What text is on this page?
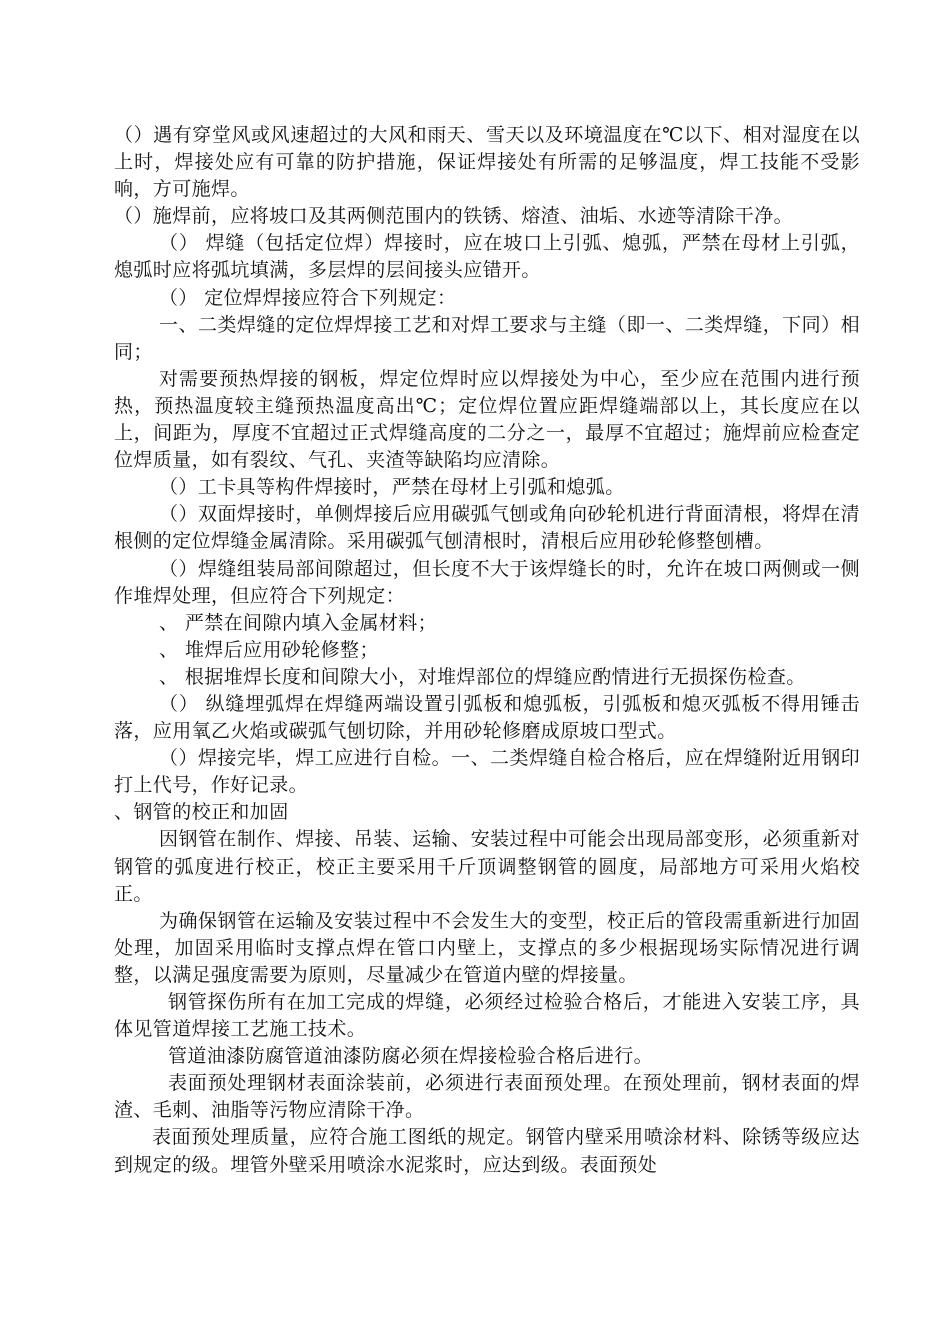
（）遇有穿堂风或风速超过的大风和雨天、雪天以及环境温度在℃以下、相对湿度在以上时，焊接处应有可靠的防护措施，保证焊接处有所需的足够温度，焊工技能不受影响，方可施焊。

（）施焊前，应将坡口及其两侧范围内的铁锈、熔渣、油垢、水迹等清除干净。

（） 焊缝（包括定位焊）焊接时，应在坡口上引弧、熄弧，严禁在母材上引弧，熄弧时应将弧坑填满，多层焊的层间接头应错开。

（） 定位焊焊接应符合下列规定：

一、二类焊缝的定位焊焊接工艺和对焊工要求与主缝（即一、二类焊缝，下同）相同；

对需要预热焊接的钢板，焊定位焊时应以焊接处为中心，至少应在范围内进行预热，预热温度较主缝预热温度高出℃；定位焊位置应距焊缝端部以上，其长度应在以上，间距为，厚度不宜超过正式焊缝高度的二分之一，最厚不宜超过；施焊前应检查定位焊质量，如有裂纹、气孔、夹渣等缺陷均应清除。

（）工卡具等构件焊接时，严禁在母材上引弧和熄弧。

（）双面焊接时，单侧焊接后应用碳弧气刨或角向砂轮机进行背面清根，将焊在清根侧的定位焊缝金属清除。采用碳弧气刨清根时，清根后应用砂轮修整刨槽。

（）焊缝组装局部间隙超过，但长度不大于该焊缝长的时，允许在坡口两侧或一侧作堆焊处理，但应符合下列规定：

、 严禁在间隙内填入金属材料；

、 堆焊后应用砂轮修整；

、 根据堆焊长度和间隙大小，对堆焊部位的焊缝应酌情进行无损探伤检查。

（） 纵缝埋弧焊在焊缝两端设置引弧板和熄弧板，引弧板和熄灭弧板不得用锤击落，应用氧乙火焰或碳弧气刨切除，并用砂轮修磨成原坡口型式。

（）焊接完毕，焊工应进行自检。一、二类焊缝自检合格后，应在焊缝附近用钢印打上代号，作好记录。

、钢管的校正和加固

因钢管在制作、焊接、吊装、运输、安装过程中可能会出现局部变形，必须重新对钢管的弧度进行校正，校正主要采用千斤顶调整钢管的圆度，局部地方可采用火焰校正。

为确保钢管在运输及安装过程中不会发生大的变型，校正后的管段需重新进行加固处理，加固采用临时支撑点焊在管口内壁上，支撑点的多少根据现场实际情况进行调整，以满足强度需要为原则，尽量减少在管道内壁的焊接量。

钢管探伤所有在加工完成的焊缝，必须经过检验合格后，才能进入安装工序，具体见管道焊接工艺施工技术。

管道油漆防腐管道油漆防腐必须在焊接检验合格后进行。

表面预处理钢材表面涂装前，必须进行表面预处理。在预处理前，钢材表面的焊渣、毛刺、油脂等污物应清除干净。

表面预处理质量，应符合施工图纸的规定。钢管内壁采用喷涂材料、除锈等级应达到规定的级。埋管外壁采用喷涂水泥浆时，应达到级。表面预处
